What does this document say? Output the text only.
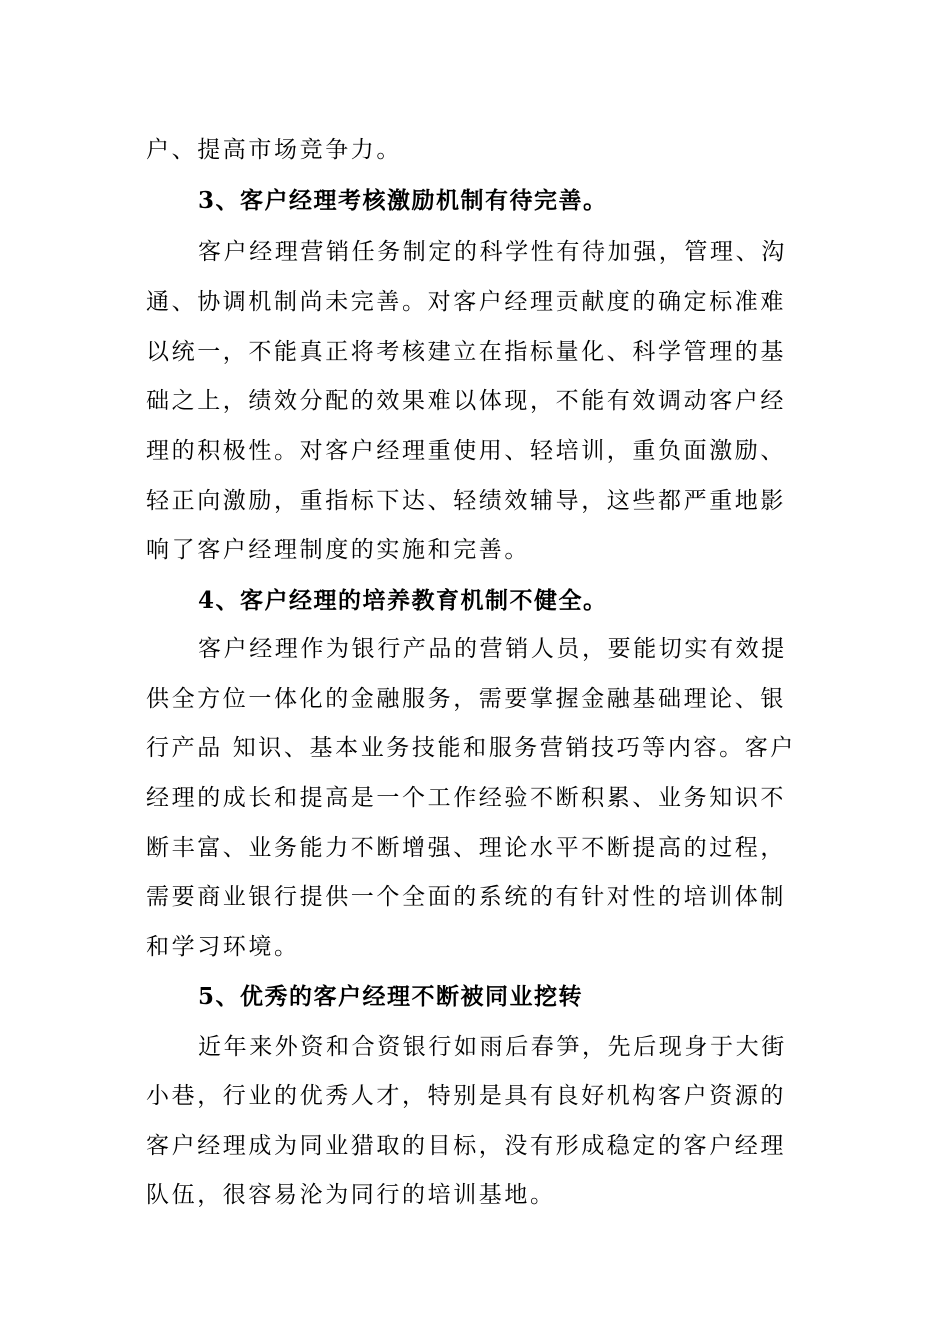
户、提高市场竞争力。
3、客户经理考核激励机制有待完善。
客户经理营销任务制定的科学性有待加强，管理、沟
通、协调机制尚未完善。对客户经理贡献度的确定标准难
以统一，不能真正将考核建立在指标量化、科学管理的基
础之上，绩效分配的效果难以体现，不能有效调动客户经
理的积极性。对客户经理重使用、轻培训，重负面激励、
轻正向激励，重指标下达、轻绩效辅导，这些都严重地影
响了客户经理制度的实施和完善。
4、客户经理的培养教育机制不健全。
客户经理作为银行产品的营销人员，要能切实有效提
供全方位一体化的金融服务，需要掌握金融基础理论、银
行产品 知识、基本业务技能和服务营销技巧等内容。客户
经理的成长和提高是一个工作经验不断积累、业务知识不
断丰富、业务能力不断增强、理论水平不断提高的过程，
需要商业银行提供一个全面的系统的有针对性的培训体制
和学习环境。
5、优秀的客户经理不断被同业挖转
近年来外资和合资银行如雨后春笋，先后现身于大街
小巷，行业的优秀人才，特别是具有良好机构客户资源的
客户经理成为同业猎取的目标，没有形成稳定的客户经理
队伍，很容易沦为同行的培训基地。
